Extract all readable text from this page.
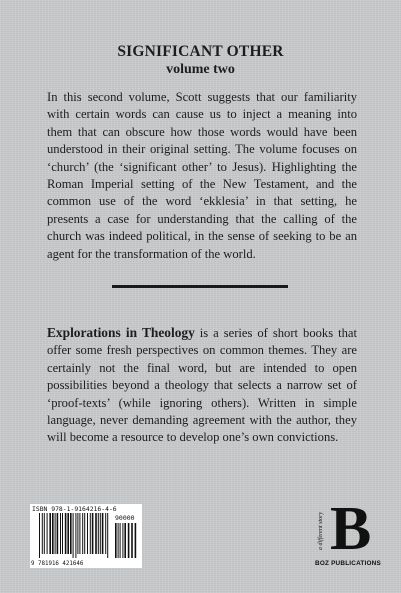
SIGNIFICANT OTHER
volume two

In this second volume, Scott suggests that our familiarity with certain words can cause us to inject a meaning into them that can obscure how those words would have been understood in their original setting. The volume focuses on ‘church’ (the ‘significant other’ to Jesus). Highlighting the Roman Imperial setting of the New Testament, and the common use of the word ‘ekklesia’ in that setting, he presents a case for understanding that the calling of the church was indeed political, in the sense of seeking to be an agent for the transformation of the world.

Explorations in Theology is a series of short books that offer some fresh perspectives on common themes. They are certainly not the final word, but are intended to open possibilities beyond a theology that selects a narrow set of ‘proof-texts’ (while ignoring others). Written in simple language, never demanding agreement with the author, they will become a resource to develop one’s own convictions.

ISBN 978-1-9164216-4-6
90000
9 781916 421646
a different story B
BOZ PUBLICATIONS
